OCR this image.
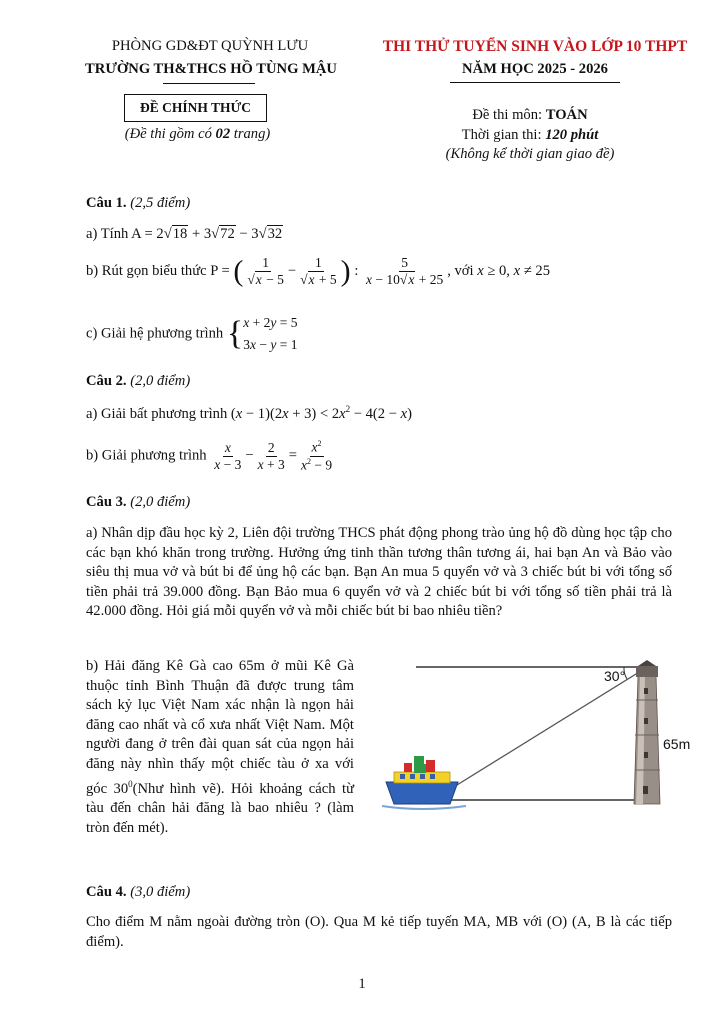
PHÒNG GD&ĐT QUỲNH LƯU
TRƯỜNG TH&THCS HỒ TÙNG MẬU
THI THỬ TUYỂN SINH VÀO LỚP 10 THPT
NĂM HỌC 2025 - 2026
ĐỀ CHÍNH THỨC
(Đề thi gồm có 02 trang)
Đề thi môn: TOÁN
Thời gian thi: 120 phút
(Không kể thời gian giao đề)
Câu 1. (2,5 điểm)
a) Tính A = 2√18 + 3√72 − 3√32
b) Rút gọn biểu thức P = ( $\frac{1}{√x - 5} - \frac{1}{√x + 5}$ ) : $\frac{5}{x - 10√x + 25}$ , với x ≥ 0, x ≠ 25
c) Giải hệ phương trình { x + 2y = 5
3x − y = 1
Câu 2. (2,0 điểm)
a) Giải bất phương trình $(x - 1)(2x + 3) < 2x^2 - 4(2 - x)$
b) Giải phương trình $\frac{x}{x - 3} - \frac{2}{x + 3} = \frac{x^2}{x^2 - 9}$
Câu 3. (2,0 điểm)
a) Nhân dịp đầu học kỳ 2, Liên đội trường THCS phát động phong trào ủng hộ đồ dùng học tập cho các bạn khó khăn trong trường. Hưởng ứng tinh thần tương thân tương ái, hai bạn An và Bảo vào siêu thị mua vở và bút bi để ủng hộ các bạn. Bạn An mua 5 quyển vở và 3 chiếc bút bi với tổng số tiền phải trả 39.000 đồng. Bạn Bảo mua 6 quyển vở và 2 chiếc bút bi với tổng số tiền phải trả là 42.000 đồng. Hỏi giá mỗi quyển vở và mỗi chiếc bút bi bao nhiêu tiền?
b) Hải đăng Kê Gà cao 65m ở mũi Kê Gà thuộc tỉnh Bình Thuận đã được trung tâm sách kỷ lục Việt Nam xác nhận là ngọn hải đăng cao nhất và cổ xưa nhất Việt Nam. Một người đang ở trên đài quan sát của ngọn hải đăng này nhìn thấy một chiếc tàu ở xa với góc $30^0(Như$ hình vẽ). Hỏi khoảng cách từ tàu đến chân hải đăng là bao nhiêu ? (làm tròn đến mét).
30°
65m
Câu 4. (3,0 điểm)
Cho điểm M nằm ngoài đường tròn (O). Qua M kẻ tiếp tuyến MA, MB với (O) (A, B là các tiếp điểm).
1
